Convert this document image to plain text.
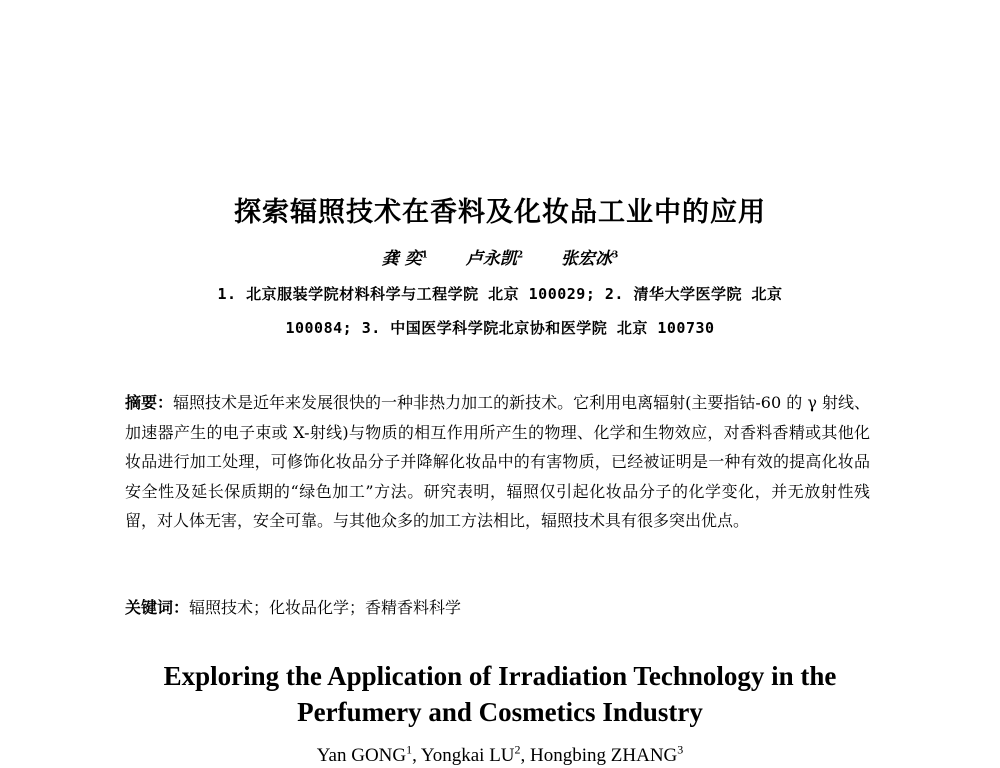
探索辐照技术在香料及化妆品工业中的应用
龚 奕$^1$ 卢永凯$^2$ 张宏冰$^3$
1. 北京服装学院材料科学与工程学院 北京 100029; 2. 清华大学医学院 北京
100084; 3. 中国医学科学院北京协和医学院 北京 100730
摘要：辐照技术是近年来发展很快的一种非热力加工的新技术。它利用电离辐射(主要指钴-60 的 γ 射线、加速器产生的电子束或 X-射线)与物质的相互作用所产生的物理、化学和生物效应，对香料香精或其他化妆品进行加工处理，可修饰化妆品分子并降解化妆品中的有害物质，已经被证明是一种有效的提高化妆品安全性及延长保质期的“绿色加工”方法。研究表明，辐照仅引起化妆品分子的化学变化，并无放射性残留，对人体无害，安全可靠。与其他众多的加工方法相比，辐照技术具有很多突出优点。
关键词：辐照技术；化妆品化学；香精香料科学
Exploring the Application of Irradiation Technology in the
Perfumery and Cosmetics Industry
Yan GONG$^1$, Yongkai $LU^2$, Hongbing ZHANG$^3$
